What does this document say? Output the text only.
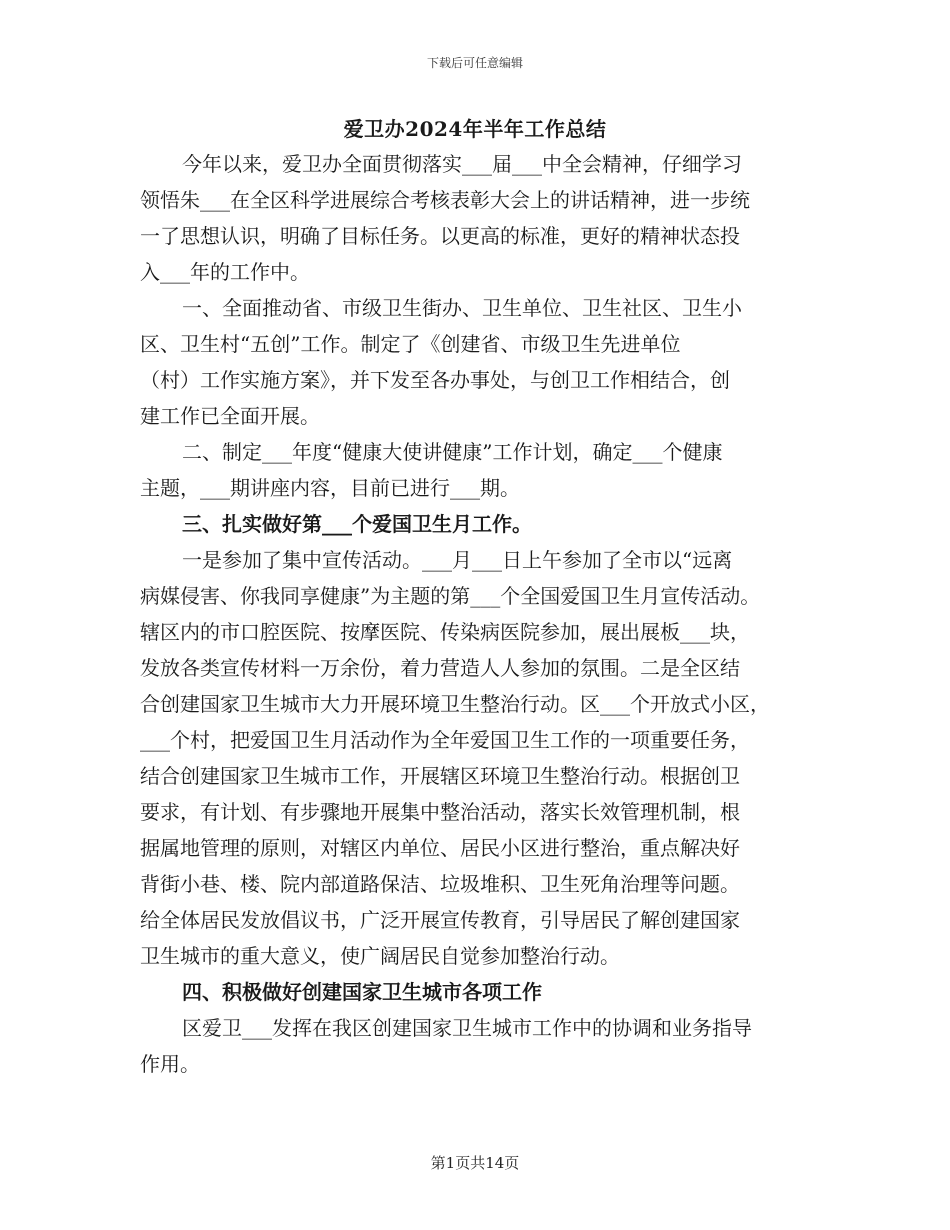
下载后可任意编辑
爱卫办2024年半年工作总结
今年以来，爱卫办全面贯彻落实___届___中全会精神，仔细学习
领悟朱___在全区科学进展综合考核表彰大会上的讲话精神，进一步统
一了思想认识，明确了目标任务。以更高的标准，更好的精神状态投
入___年的工作中。
一、全面推动省、市级卫生街办、卫生单位、卫生社区、卫生小
区、卫生村“五创”工作。制定了《创建省、市级卫生先进单位
（村）工作实施方案》，并下发至各办事处，与创卫工作相结合，创
建工作已全面开展。
二、制定___年度“健康大使讲健康”工作计划，确定___个健康
主题，___期讲座内容，目前已进行___期。
三、扎实做好第___个爱国卫生月工作。
一是参加了集中宣传活动。___月___日上午参加了全市以“远离
病媒侵害、你我同享健康”为主题的第___个全国爱国卫生月宣传活动。
辖区内的市口腔医院、按摩医院、传染病医院参加，展出展板___块，
发放各类宣传材料一万余份，着力营造人人参加的氛围。二是全区结
合创建国家卫生城市大力开展环境卫生整治行动。区___个开放式小区，
___个村，把爱国卫生月活动作为全年爱国卫生工作的一项重要任务，
结合创建国家卫生城市工作，开展辖区环境卫生整治行动。根据创卫
要求，有计划、有步骤地开展集中整治活动，落实长效管理机制，根
据属地管理的原则，对辖区内单位、居民小区进行整治，重点解决好
背街小巷、楼、院内部道路保洁、垃圾堆积、卫生死角治理等问题。
给全体居民发放倡议书，广泛开展宣传教育，引导居民了解创建国家
卫生城市的重大意义，使广阔居民自觉参加整治行动。
四、积极做好创建国家卫生城市各项工作
区爱卫___发挥在我区创建国家卫生城市工作中的协调和业务指导
作用。
第1页共14页
